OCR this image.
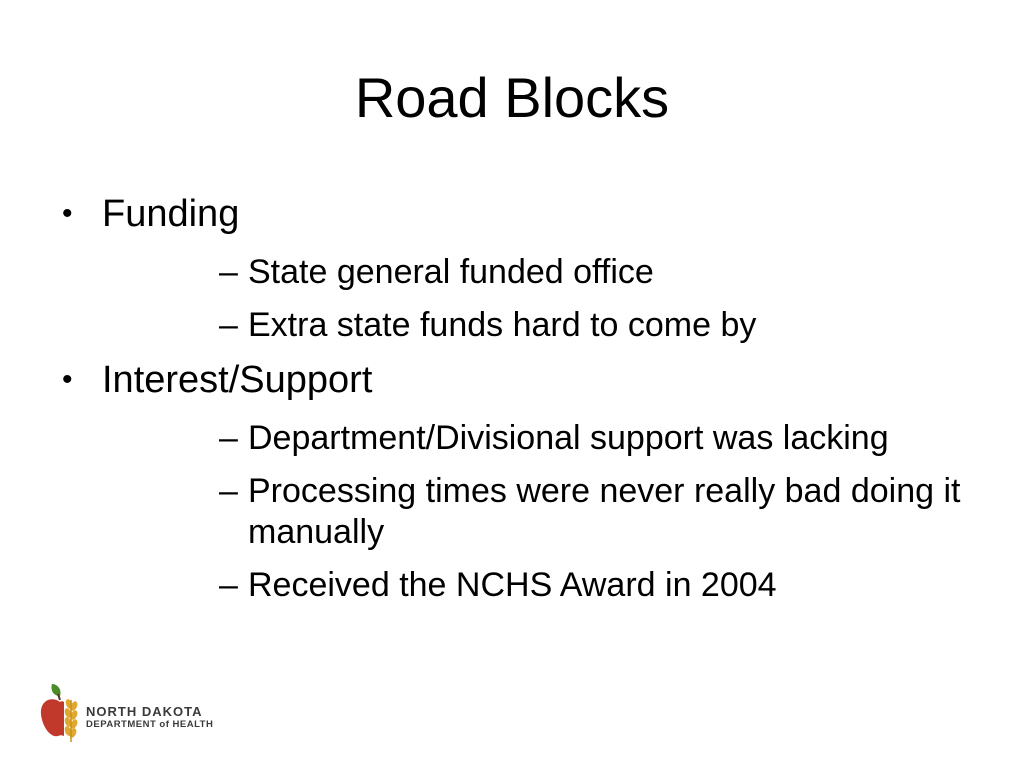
Road Blocks
• Funding
– State general funded office
– Extra state funds hard to come by
• Interest/Support
– Department/Divisional support was lacking
– Processing times were never really bad doing it manually
– Received the NCHS Award in 2004
NORTH DAKOTA
DEPARTMENT of HEALTH
